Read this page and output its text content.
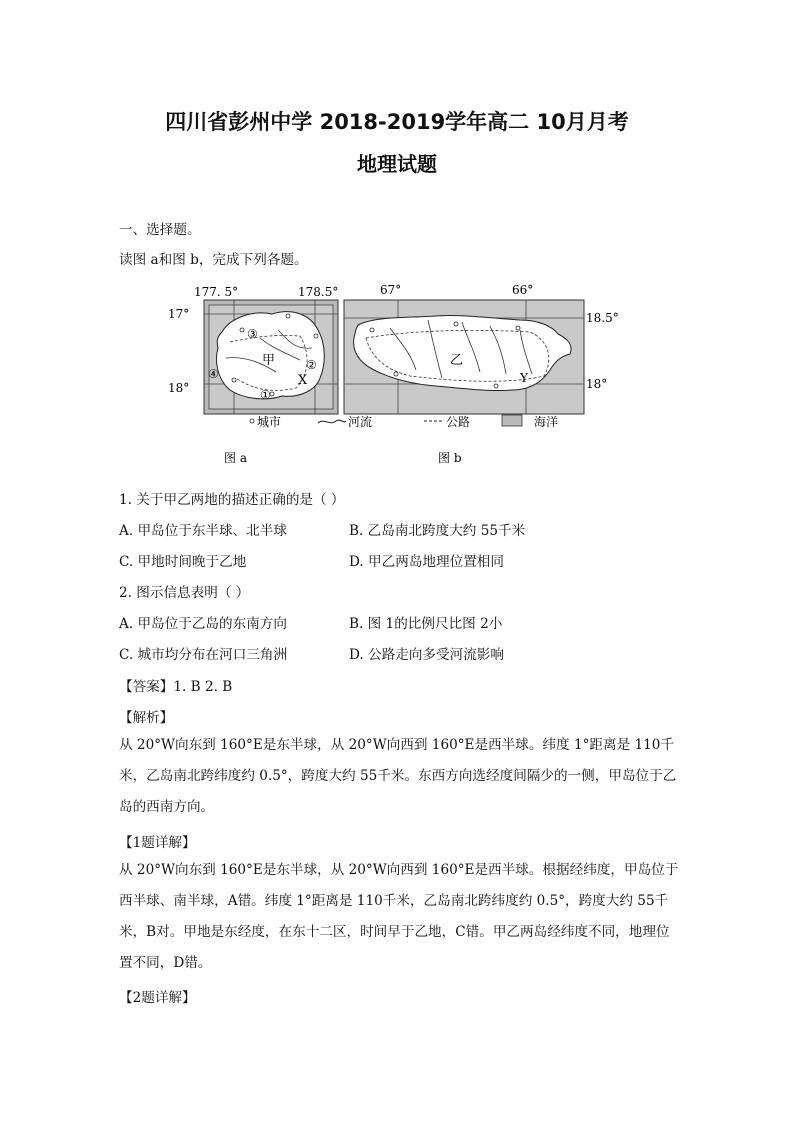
四川省彭州中学 2018-2019学年高二 10月月考
地理试题
一、选择题。
读图 a和图 b，完成下列各题。
17°
18°
177. 5°	178.5°
甲
X
①
②
③
④
67°	66°
18.5°
18°
乙
Y
城市	河流	公路	海洋
图 a	图 b
1. 关于甲乙两地的描述正确的是（ ）
A. 甲岛位于东半球、北半球	B. 乙岛南北跨度大约 55千米
C. 甲地时间晚于乙地	D. 甲乙两岛地理位置相同
2. 图示信息表明（ ）
A. 甲岛位于乙岛的东南方向	B. 图 1的比例尺比图 2小
C. 城市均分布在河口三角洲	D. 公路走向多受河流影响
【答案】1. B 2. B
【解析】
从 20°W向东到 160°E是东半球，从 20°W向西到 160°E是西半球。纬度 1°距离是 110千米，乙岛南北跨纬度约 0.5°，跨度大约 55千米。东西方向选经度间隔少的一侧，甲岛位于乙岛的西南方向。
【1题详解】
从 20°W向东到 160°E是东半球，从 20°W向西到 160°E是西半球。根据经纬度，甲岛位于西半球、南半球，A错。纬度 1°距离是 110千米，乙岛南北跨纬度约 0.5°，跨度大约 55千米，B对。甲地是东经度，在东十二区，时间早于乙地，C错。甲乙两岛经纬度不同，地理位置不同，D错。
【2题详解】
